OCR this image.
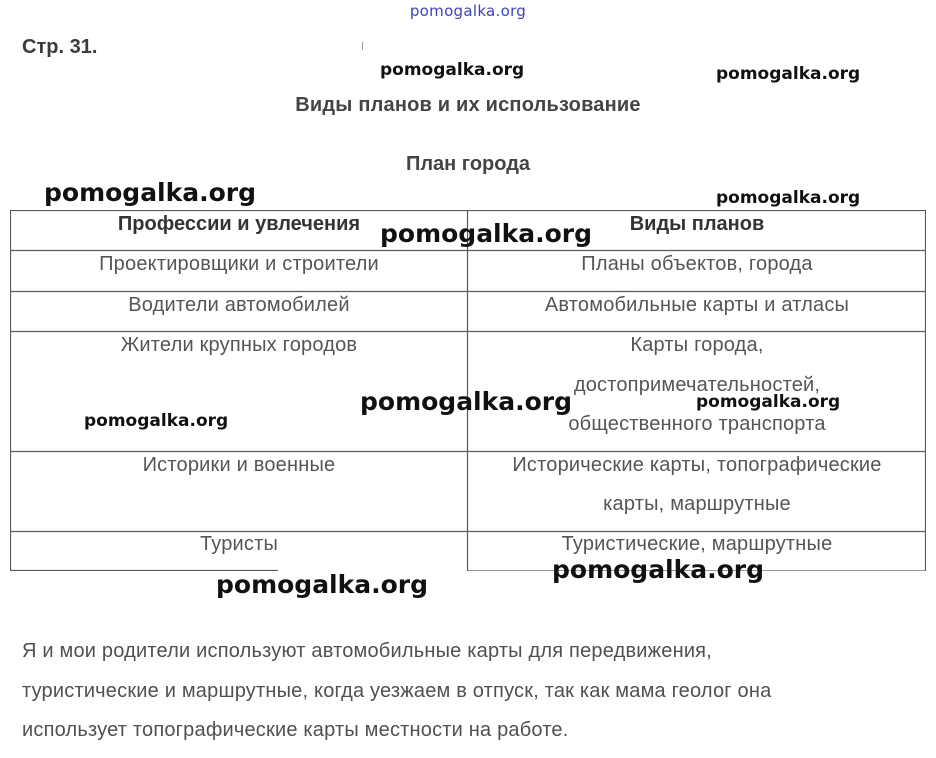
pomogalka.org
Стр. 31.
Виды планов и их использование
План города
Профессии и увлечения	Виды планов
Проектировщики и строители	Планы объектов, города
Водители автомобилей	Автомобильные карты и атласы
Жители крупных городов	Карты города,
достопримечательностей,
общественного транспорта
Историки и военные	Исторические карты, топографические
карты, маршрутные
Туристы	Туристические, маршрутные
Я и мои родители используют автомобильные карты для передвижения,
туристические и маршрутные, когда уезжаем в отпуск, так как мама геолог она
использует топографические карты местности на работе.
pomogalka.org	pomogalka.org
pomogalka.org	pomogalka.org
pomogalka.org
pomogalka.org	pomogalka.org
pomogalka.org
pomogalka.org
pomogalka.org
